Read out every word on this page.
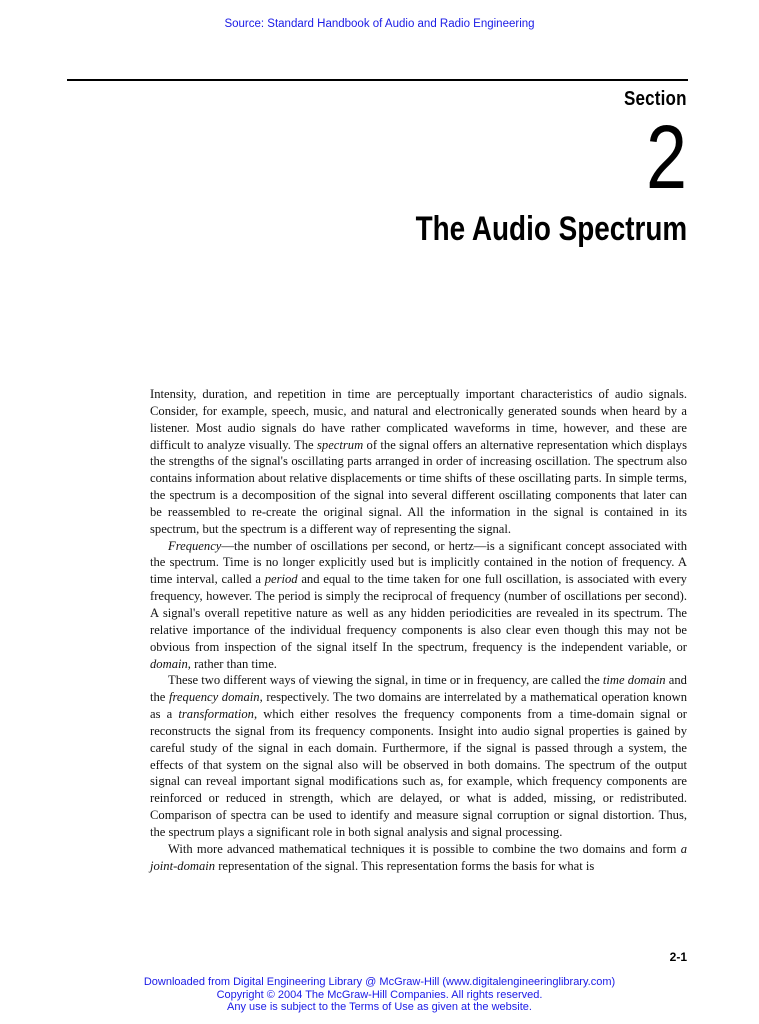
Source: Standard Handbook of Audio and Radio Engineering
Section
2
The Audio Spectrum

Intensity, duration, and repetition in time are perceptually important characteristics of audio signals. Consider, for example, speech, music, and natural and electronically generated sounds when heard by a listener. Most audio signals do have rather complicated waveforms in time, however, and these are difficult to analyze visually. The spectrum of the signal offers an alternative representation which displays the strengths of the signal's oscillating parts arranged in order of increasing oscillation. The spectrum also contains information about relative displacements or time shifts of these oscillating parts. In simple terms, the spectrum is a decomposition of the signal into several different oscillating components that later can be reassembled to re-create the original signal. All the information in the signal is contained in its spectrum, but the spectrum is a different way of representing the signal.

Frequency—the number of oscillations per second, or hertz—is a significant concept associated with the spectrum. Time is no longer explicitly used but is implicitly contained in the notion of frequency. A time interval, called a period and equal to the time taken for one full oscillation, is associated with every frequency, however. The period is simply the reciprocal of frequency (number of oscillations per second). A signal's overall repetitive nature as well as any hidden periodicities are revealed in its spectrum. The relative importance of the individual frequency components is also clear even though this may not be obvious from inspection of the signal itself In the spectrum, frequency is the independent variable, or domain, rather than time.

These two different ways of viewing the signal, in time or in frequency, are called the time domain and the frequency domain, respectively. The two domains are interrelated by a mathematical operation known as a transformation, which either resolves the frequency components from a time-domain signal or reconstructs the signal from its frequency components. Insight into audio signal properties is gained by careful study of the signal in each domain. Furthermore, if the signal is passed through a system, the effects of that system on the signal also will be observed in both domains. The spectrum of the output signal can reveal important signal modifications such as, for example, which frequency components are reinforced or reduced in strength, which are delayed, or what is added, missing, or redistributed. Comparison of spectra can be used to identify and measure signal corruption or signal distortion. Thus, the spectrum plays a significant role in both signal analysis and signal processing.

With more advanced mathematical techniques it is possible to combine the two domains and form a joint-domain representation of the signal. This representation forms the basis for what is

2-1
Downloaded from Digital Engineering Library @ McGraw-Hill (www.digitalengineeringlibrary.com)
Copyright © 2004 The McGraw-Hill Companies. All rights reserved.
Any use is subject to the Terms of Use as given at the website.
